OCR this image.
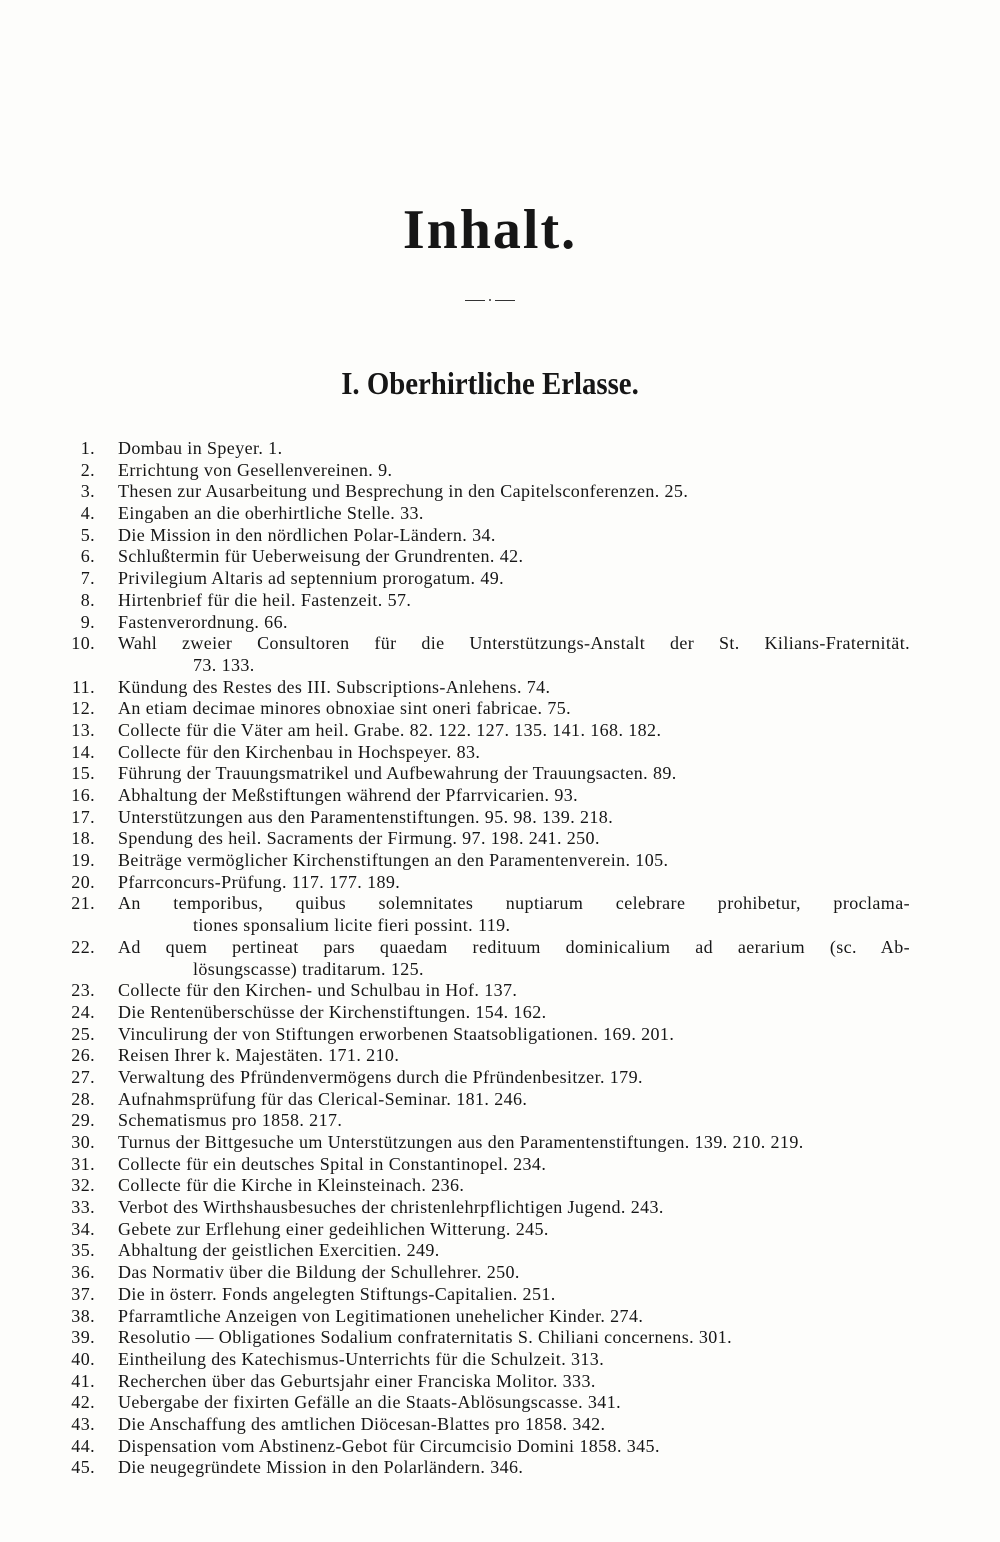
Inhalt.
I. Oberhirtliche Erlasse.
1. Dombau in Speyer. 1.
2. Errichtung von Gesellenvereinen. 9.
3. Thesen zur Ausarbeitung und Besprechung in den Capitelsconferenzen. 25.
4. Eingaben an die oberhirtliche Stelle. 33.
5. Die Mission in den nördlichen Polar-Ländern. 34.
6. Schlußtermin für Ueberweisung der Grundrenten. 42.
7. Privilegium Altaris ad septennium prorogatum. 49.
8. Hirtenbrief für die heil. Fastenzeit. 57.
9. Fastenverordnung. 66.
10. Wahl zweier Consultoren für die Unterstützungs-Anstalt der St. Kilians-Fraternität.
73. 133.
11. Kündung des Restes des III. Subscriptions-Anlehens. 74.
12. An etiam decimae minores obnoxiae sint oneri fabricae. 75.
13. Collecte für die Väter am heil. Grabe. 82. 122. 127. 135. 141. 168. 182.
14. Collecte für den Kirchenbau in Hochspeyer. 83.
15. Führung der Trauungsmatrikel und Aufbewahrung der Trauungsacten. 89.
16. Abhaltung der Meßstiftungen während der Pfarrvicarien. 93.
17. Unterstützungen aus den Paramentenstiftungen. 95. 98. 139. 218.
18. Spendung des heil. Sacraments der Firmung. 97. 198. 241. 250.
19. Beiträge vermöglicher Kirchenstiftungen an den Paramentenverein. 105.
20. Pfarrconcurs-Prüfung. 117. 177. 189.
21. An temporibus, quibus solemnitates nuptiarum celebrare prohibetur, proclama-
tiones sponsalium licite fieri possint. 119.
22. Ad quem pertineat pars quaedam redituum dominicalium ad aerarium (sc. Ab-
lösungscasse) traditarum. 125.
23. Collecte für den Kirchen- und Schulbau in Hof. 137.
24. Die Rentenüberschüsse der Kirchenstiftungen. 154. 162.
25. Vinculirung der von Stiftungen erworbenen Staatsobligationen. 169. 201.
26. Reisen Ihrer k. Majestäten. 171. 210.
27. Verwaltung des Pfründenvermögens durch die Pfründenbesitzer. 179.
28. Aufnahmsprüfung für das Clerical-Seminar. 181. 246.
29. Schematismus pro 1858. 217.
30. Turnus der Bittgesuche um Unterstützungen aus den Paramentenstiftungen. 139. 210. 219.
31. Collecte für ein deutsches Spital in Constantinopel. 234.
32. Collecte für die Kirche in Kleinsteinach. 236.
33. Verbot des Wirthshausbesuches der christenlehrpflichtigen Jugend. 243.
34. Gebete zur Erflehung einer gedeihlichen Witterung. 245.
35. Abhaltung der geistlichen Exercitien. 249.
36. Das Normativ über die Bildung der Schullehrer. 250.
37. Die in österr. Fonds angelegten Stiftungs-Capitalien. 251.
38. Pfarramtliche Anzeigen von Legitimationen unehelicher Kinder. 274.
39. Resolutio — Obligationes Sodalium confraternitatis S. Chiliani concernens. 301.
40. Eintheilung des Katechismus-Unterrichts für die Schulzeit. 313.
41. Recherchen über das Geburtsjahr einer Franciska Molitor. 333.
42. Uebergabe der fixirten Gefälle an die Staats-Ablösungscasse. 341.
43. Die Anschaffung des amtlichen Diöcesan-Blattes pro 1858. 342.
44. Dispensation vom Abstinenz-Gebot für Circumcisio Domini 1858. 345.
45. Die neugegründete Mission in den Polarländern. 346.
